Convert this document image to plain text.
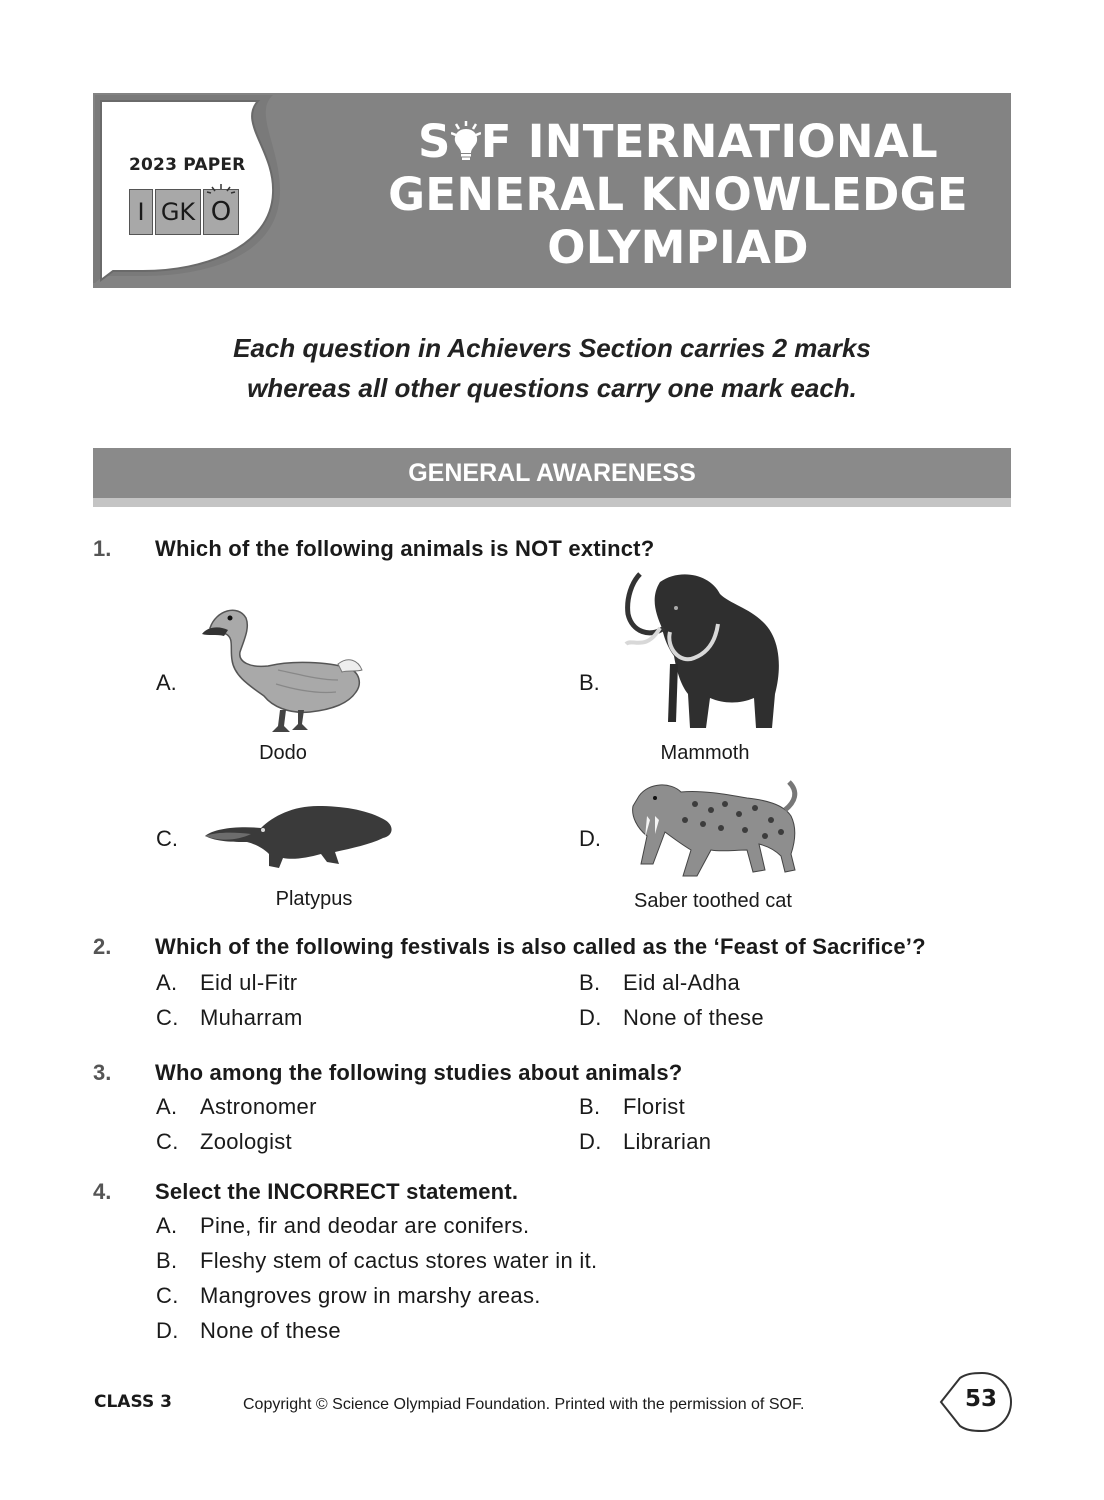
2023 PAPER
I GK O
S F INTERNATIONAL
GENERAL KNOWLEDGE
OLYMPIAD
Each question in Achievers Section carries 2 marks
whereas all other questions carry one mark each.
GENERAL AWARENESS
1. Which of the following animals is NOT extinct?
A.
Dodo
B.
Mammoth
C.
Platypus
D.
Saber toothed cat
2. Which of the following festivals is also called as the ‘Feast of Sacrifice’?
A. Eid ul-Fitr	B. Eid al-Adha
C. Muharram	D. None of these
3. Who among the following studies about animals?
A. Astronomer	B. Florist
C. Zoologist	D. Librarian
4. Select the INCORRECT statement.
A. Pine, fir and deodar are conifers.
B. Fleshy stem of cactus stores water in it.
C. Mangroves grow in marshy areas.
D. None of these
CLASS 3	Copyright © Science Olympiad Foundation. Printed with the permission of SOF.	53
